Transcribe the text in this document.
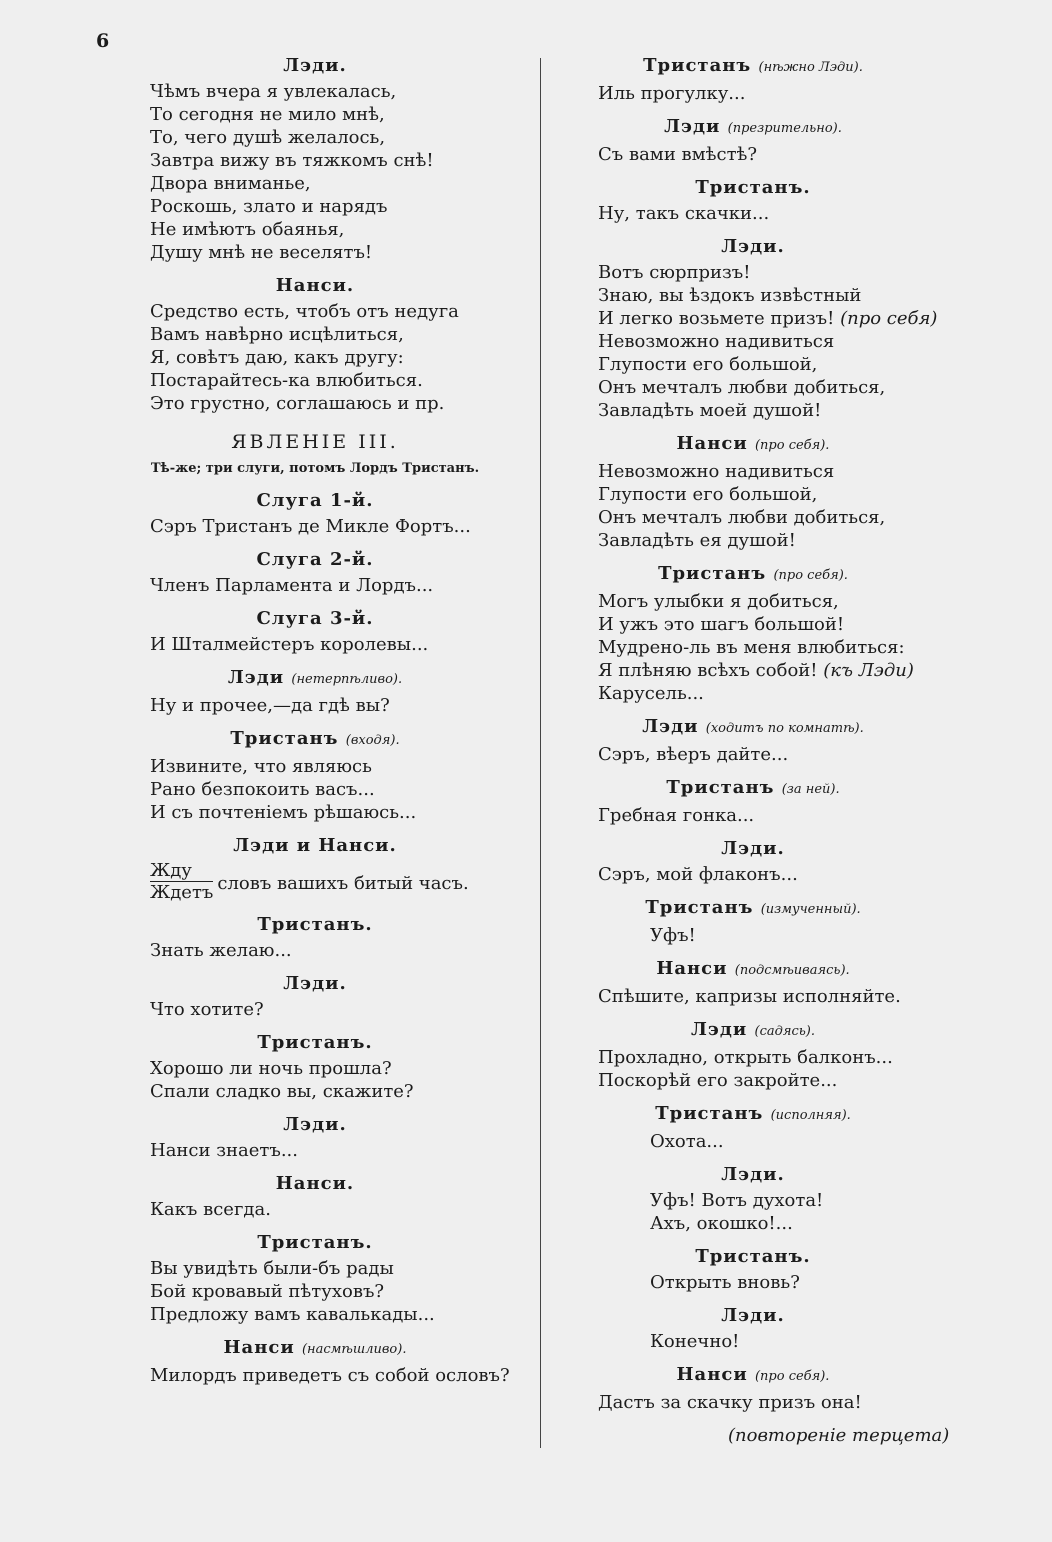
6
Лэди.
Чѣмъ вчера я увлекалась,
То сегодня не мило мнѣ,
То, чего душѣ желалось,
Завтра вижу въ тяжкомъ снѣ!
Двора вниманье,
Роскошь, злато и нарядъ
Не имѣютъ обаянья,
Душу мнѣ не веселятъ!
Нанси.
Средство есть, чтобъ отъ недуга
Вамъ навѣрно исцѣлиться,
Я, совѣтъ даю, какъ другу:
Постарайтесь-ка влюбиться.
Это грустно, соглашаюсь и пр.
ЯВЛЕНІЕ III.
Тѣ-же; три слуги, потомъ Лордъ Тристанъ.
Слуга 1-й.
Сэръ Тристанъ де Микле Фортъ...
Слуга 2-й.
Членъ Парламента и Лордъ...
Слуга 3-й.
И Шталмейстеръ королевы...
Лэди (нетерпѣливо).
Ну и прочее,—да гдѣ вы?
Тристанъ (входя).
Извините, что являюсь
Рано безпокоить васъ...
И съ почтеніемъ рѣшаюсь...
Лэди и Нанси.
Жду
Ждетъ словъ вашихъ битый часъ.
Тристанъ.
Знать желаю...
Лэди.
Что хотите?
Тристанъ.
Хорошо ли ночь прошла?
Спали сладко вы, скажите?
Лэди.
Нанси знаетъ...
Нанси.
Какъ всегда.
Тристанъ.
Вы увидѣть были-бъ рады
Бой кровавый пѣтуховъ?
Предложу вамъ кавалькады...
Нанси (насмѣшливо).
Милордъ приведетъ съ собой ословъ?
Тристанъ (нѣжно Лэди).
Иль прогулку...
Лэди (презрительно).
Съ вами вмѣстѣ?
Тристанъ.
Ну, такъ скачки...
Лэди.
Вотъ сюрпризъ!
Знаю, вы ѣздокъ извѣстный
И легко возьмете призъ! (про себя)
Невозможно надивиться
Глупости его большой,
Онъ мечталъ любви добиться,
Завладѣть моей душой!
Нанси (про себя).
Невозможно надивиться
Глупости его большой,
Онъ мечталъ любви добиться,
Завладѣть ея душой!
Тристанъ (про себя).
Могъ улыбки я добиться,
И ужъ это шагъ большой!
Мудрено-ль въ меня влюбиться:
Я плѣняю всѣхъ собой! (къ Лэди)
Карусель...
Лэди (ходитъ по комнатѣ).
Сэръ, вѣеръ дайте...
Тристанъ (за ней).
Гребная гонка...
Лэди.
Сэръ, мой флаконъ...
Тристанъ (измученный).
Уфъ!
Нанси (подсмѣиваясь).
Спѣшите, капризы исполняйте.
Лэди (садясь).
Прохладно, открыть балконъ...
Поскорѣй его закройте...
Тристанъ (исполняя).
Охота...
Лэди.
Уфъ! Вотъ духота!
Ахъ, окошко!...
Тристанъ.
Открыть вновь?
Лэди.
Конечно!
Нанси (про себя).
Дастъ за скачку призъ она!
(повтореніе терцета)
